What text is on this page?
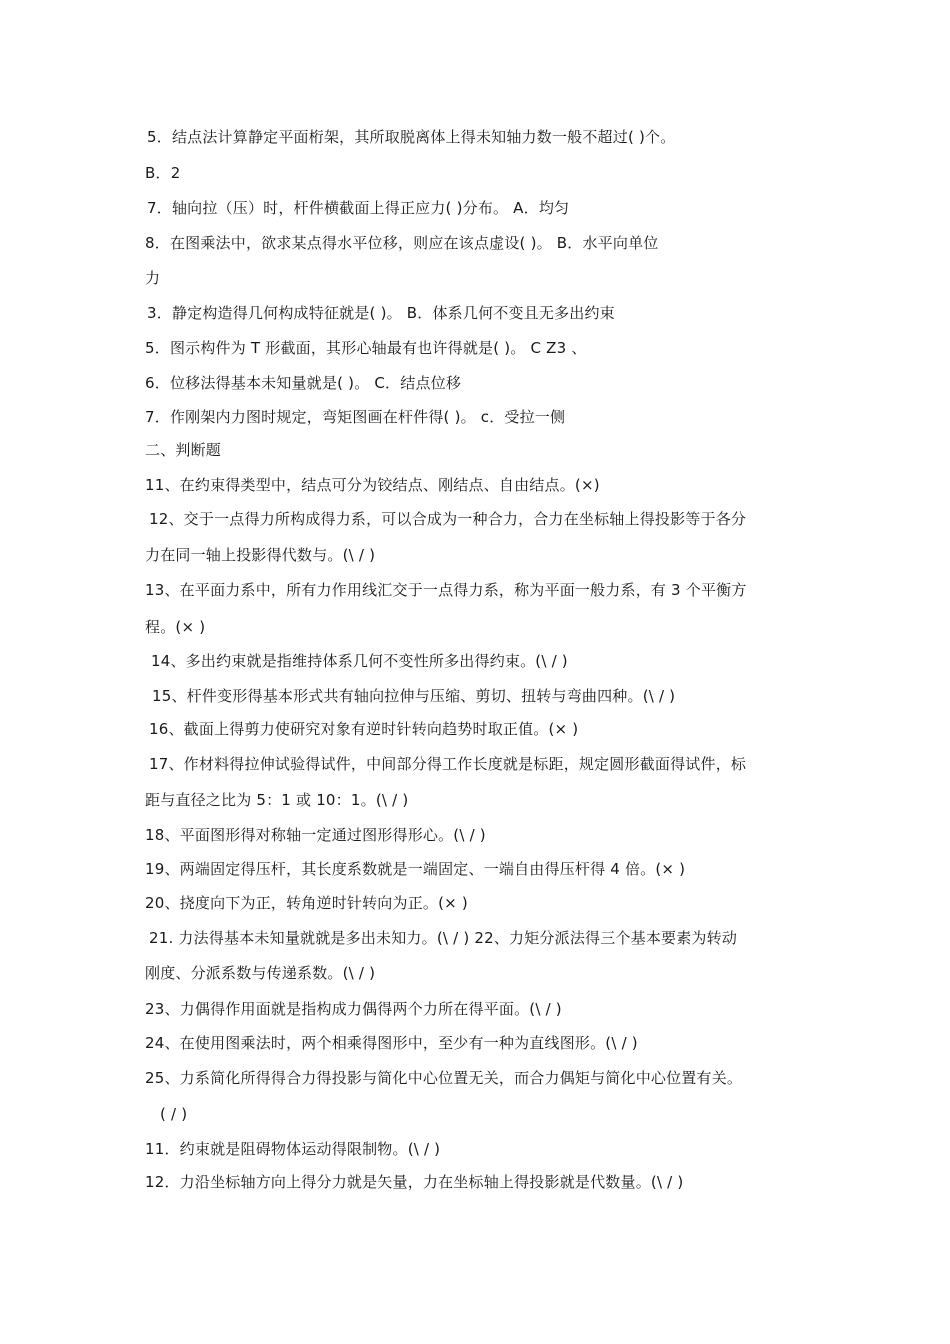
5．结点法计算静定平面桁架，其所取脱离体上得未知轴力数一般不超过( )个。
B．2
7．轴向拉（压）时，杆件横截面上得正应力( )分布。 A．均匀
8．在图乘法中，欲求某点得水平位移，则应在该点虚设( )。 B．水平向单位
力
3．静定构造得几何构成特征就是( )。 B．体系几何不变且无多出约束
5．图示构件为 T 形截面，其形心轴最有也许得就是( )。 C Z3 、
6．位移法得基本未知量就是( )。 C．结点位移
7．作刚架内力图时规定，弯矩图画在杆件得( )。 c．受拉一侧
二、判断题
11、在约束得类型中，结点可分为铰结点、刚结点、自由结点。(×)
12、交于一点得力所构成得力系，可以合成为一种合力，合力在坐标轴上得投影等于各分
力在同一轴上投影得代数与。(\ / )
13、在平面力系中，所有力作用线汇交于一点得力系，称为平面一般力系，有 3 个平衡方
程。(× )
14、多出约束就是指维持体系几何不变性所多出得约束。(\ / )
15、杆件变形得基本形式共有轴向拉伸与压缩、剪切、扭转与弯曲四种。(\ / )
16、截面上得剪力使研究对象有逆时针转向趋势时取正值。(× )
17、作材料得拉伸试验得试件，中间部分得工作长度就是标距，规定圆形截面得试件，标
距与直径之比为 5：1 或 10：1。(\ / )
18、平面图形得对称轴一定通过图形得形心。(\ / )
19、两端固定得压杆，其长度系数就是一端固定、一端自由得压杆得 4 倍。(× )
20、挠度向下为正，转角逆时针转向为正。(× )
21. 力法得基本未知量就就是多出未知力。(\ / ) 22、力矩分派法得三个基本要素为转动
刚度、分派系数与传递系数。(\ / )
23、力偶得作用面就是指构成力偶得两个力所在得平面。(\ / )
24、在使用图乘法时，两个相乘得图形中，至少有一种为直线图形。(\ / )
25、力系简化所得得合力得投影与简化中心位置无关，而合力偶矩与简化中心位置有关。
( / )
11．约束就是阻碍物体运动得限制物。(\ / )
12．力沿坐标轴方向上得分力就是矢量，力在坐标轴上得投影就是代数量。(\ / )
